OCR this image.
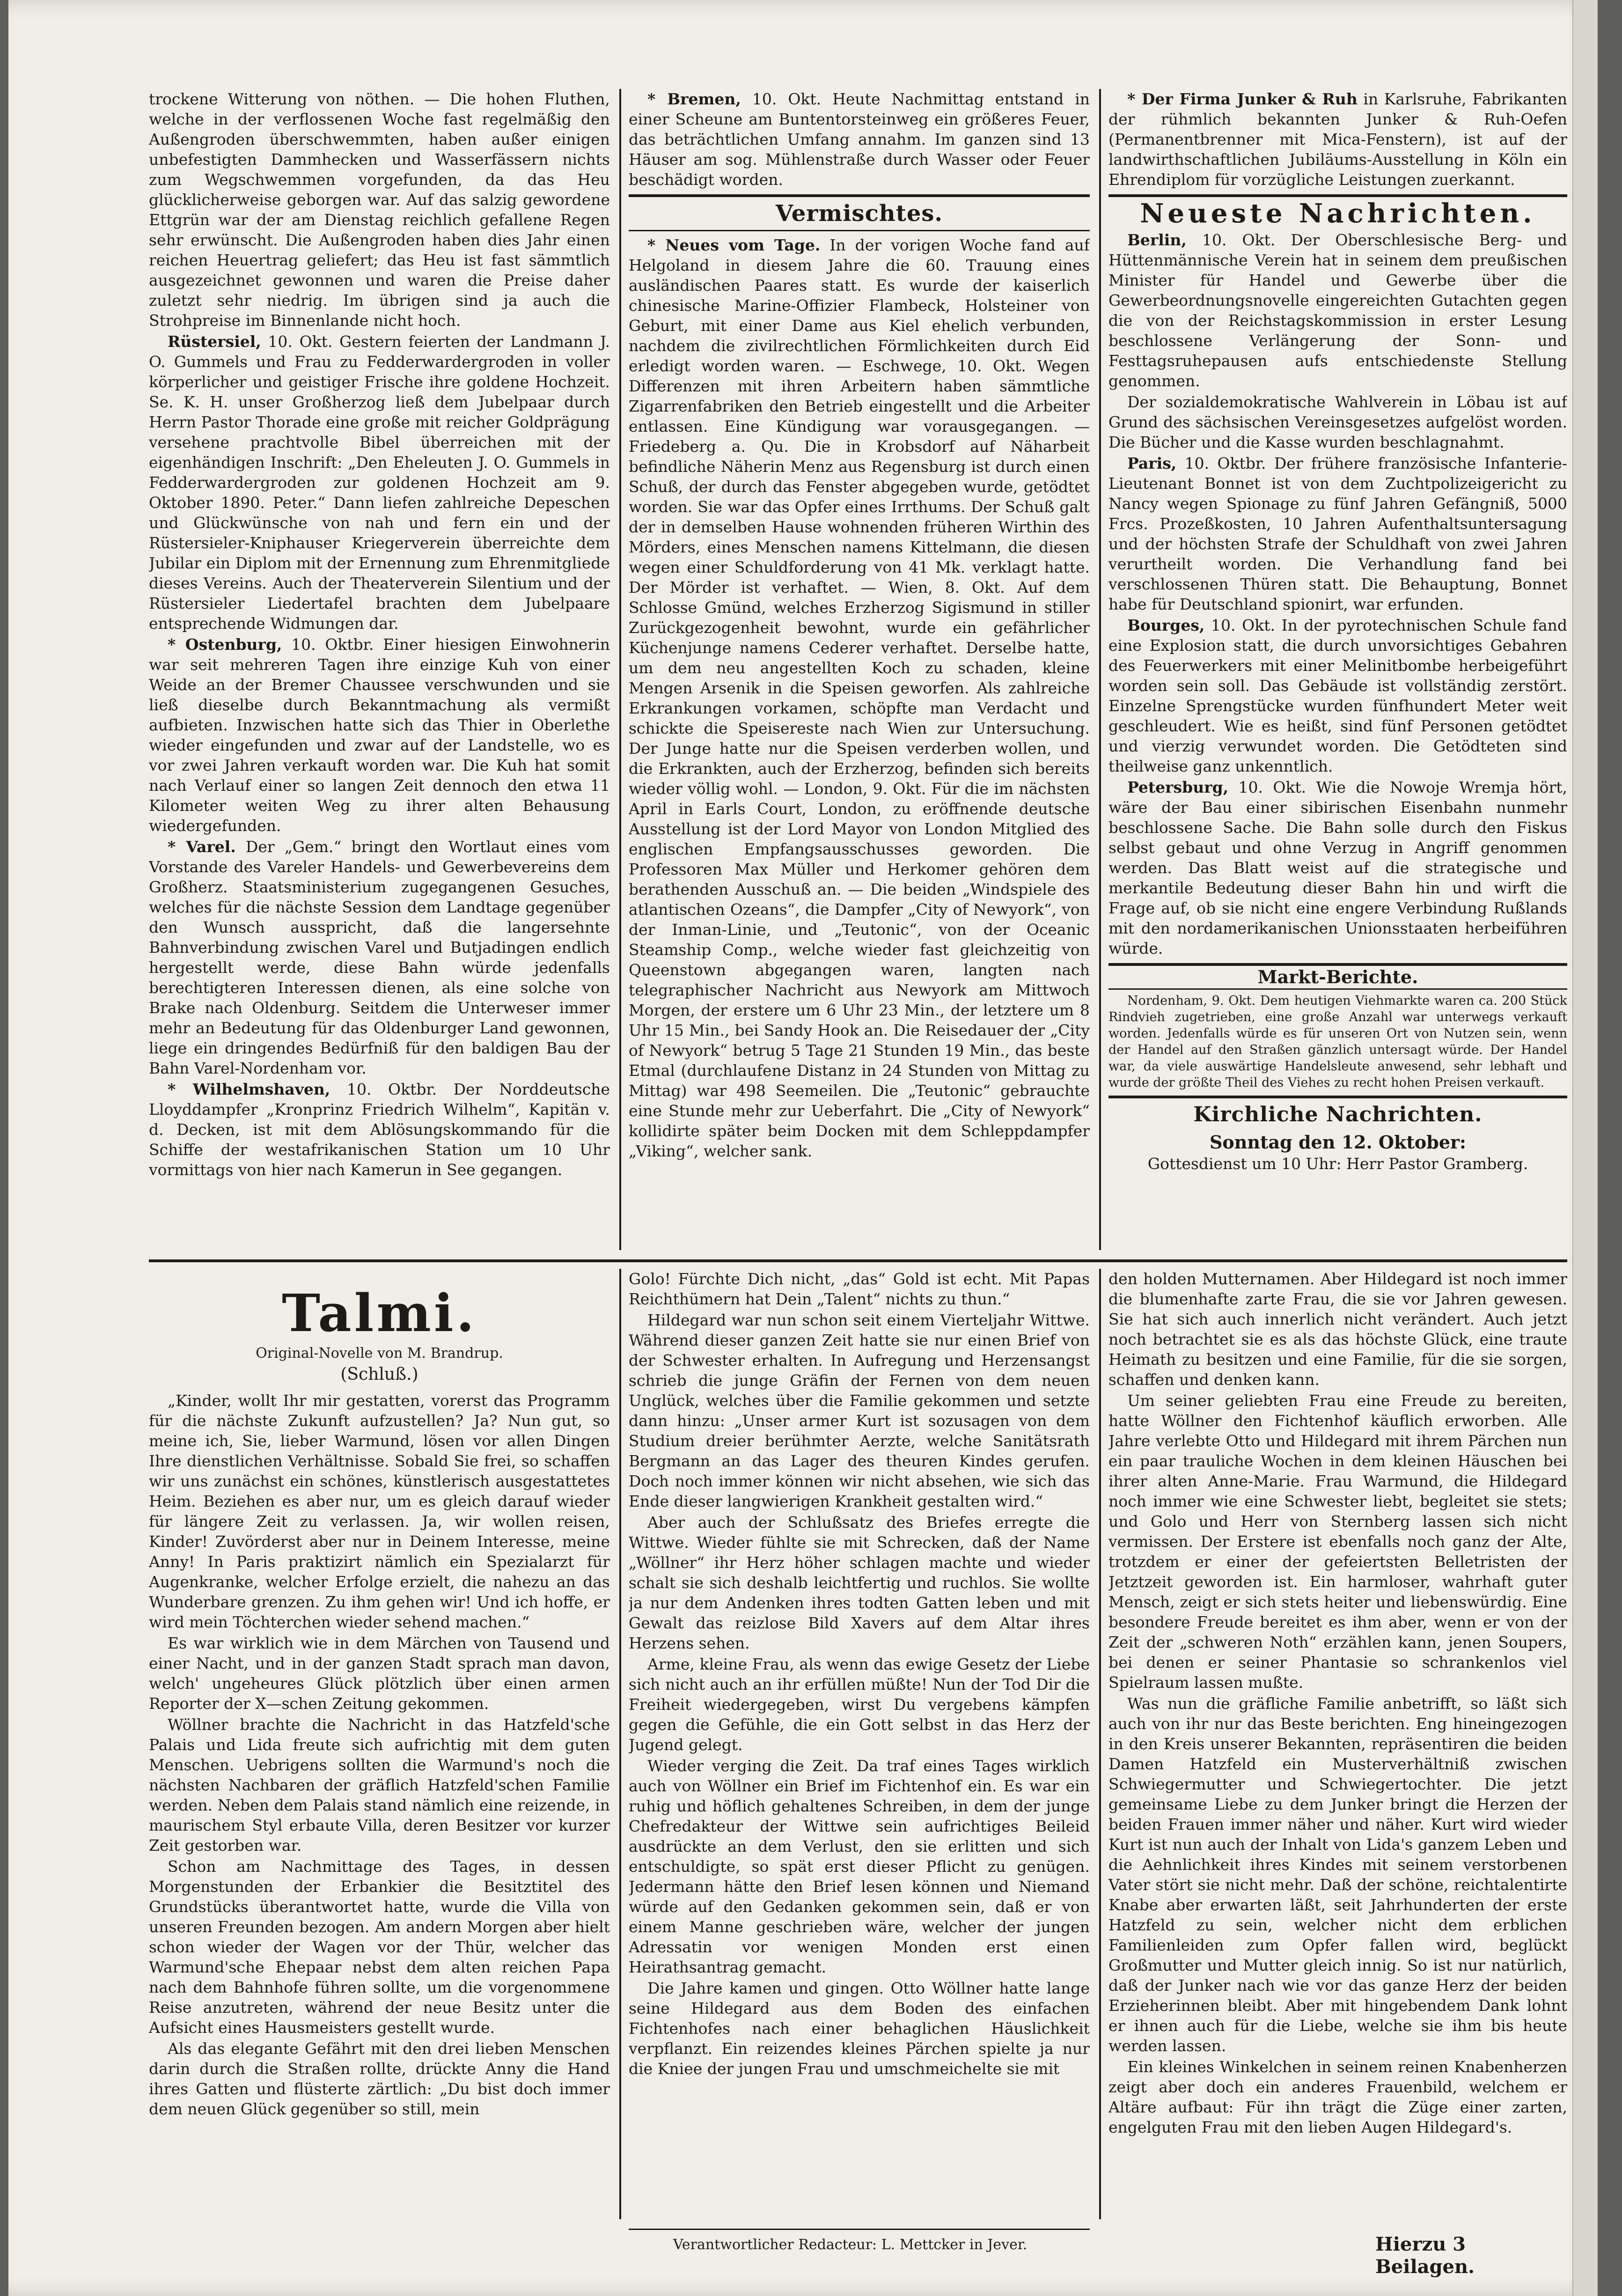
trockene Witterung von nöthen. — Die hohen Fluthen, welche in der verflossenen Woche fast regelmäßig den Außengroden überschwemmten, haben außer einigen unbefestigten Dammhecken und Wasserfässern nichts zum Wegschwemmen vorgefunden, da das Heu glücklicherweise geborgen war. Auf das salzig gewordene Ettgrün war der am Dienstag reichlich gefallene Regen sehr erwünscht. Die Außengroden haben dies Jahr einen reichen Heuertrag geliefert; das Heu ist fast sämmtlich ausgezeichnet gewonnen und waren die Preise daher zuletzt sehr niedrig. Im übrigen sind ja auch die Strohpreise im Binnenlande nicht hoch.

Rüstersiel, 10. Okt. Gestern feierten der Landmann J. O. Gummels und Frau zu Fedderwardergroden in voller körperlicher und geistiger Frische ihre goldene Hochzeit. Se. K. H. unser Großherzog ließ dem Jubelpaar durch Herrn Pastor Thorade eine große mit reicher Goldprägung versehene prachtvolle Bibel überreichen mit der eigenhändigen Inschrift: „Den Eheleuten J. O. Gummels in Fedderwardergroden zur goldenen Hochzeit am 9. Oktober 1890. Peter.“ Dann liefen zahlreiche Depeschen und Glückwünsche von nah und fern ein und der Rüstersieler-Kniphauser Kriegerverein überreichte dem Jubilar ein Diplom mit der Ernennung zum Ehrenmitgliede dieses Vereins. Auch der Theaterverein Silentium und der Rüstersieler Liedertafel brachten dem Jubelpaare entsprechende Widmungen dar.

* Ostenburg, 10. Oktbr. Einer hiesigen Einwohnerin war seit mehreren Tagen ihre einzige Kuh von einer Weide an der Bremer Chaussee verschwunden und sie ließ dieselbe durch Bekanntmachung als vermißt aufbieten. Inzwischen hatte sich das Thier in Oberlethe wieder eingefunden und zwar auf der Landstelle, wo es vor zwei Jahren verkauft worden war. Die Kuh hat somit nach Verlauf einer so langen Zeit dennoch den etwa 11 Kilometer weiten Weg zu ihrer alten Behausung wiedergefunden.

* Varel. Der „Gem.“ bringt den Wortlaut eines vom Vorstande des Vareler Handels- und Gewerbevereins dem Großherz. Staatsministerium zugegangenen Gesuches, welches für die nächste Session dem Landtage gegenüber den Wunsch ausspricht, daß die langersehnte Bahnverbindung zwischen Varel und Butjadingen endlich hergestellt werde, diese Bahn würde jedenfalls berechtigteren Interessen dienen, als eine solche von Brake nach Oldenburg. Seitdem die Unterweser immer mehr an Bedeutung für das Oldenburger Land gewonnen, liege ein dringendes Bedürfniß für den baldigen Bau der Bahn Varel-Nordenham vor.

* Wilhelmshaven, 10. Oktbr. Der Norddeutsche Lloyddampfer „Kronprinz Friedrich Wilhelm“, Kapitän v. d. Decken, ist mit dem Ablösungskommando für die Schiffe der westafrikanischen Station um 10 Uhr vormittags von hier nach Kamerun in See gegangen.

* Bremen, 10. Okt. Heute Nachmittag entstand in einer Scheune am Buntentorsteinweg ein größeres Feuer, das beträchtlichen Umfang annahm. Im ganzen sind 13 Häuser am sog. Mühlenstraße durch Wasser oder Feuer beschädigt worden.

Vermischtes.

* Neues vom Tage. In der vorigen Woche fand auf Helgoland in diesem Jahre die 60. Trauung eines ausländischen Paares statt. Es wurde der kaiserlich chinesische Marine-Offizier Flambeck, Holsteiner von Geburt, mit einer Dame aus Kiel ehelich verbunden, nachdem die zivilrechtlichen Förmlichkeiten durch Eid erledigt worden waren. — Eschwege, 10. Okt. Wegen Differenzen mit ihren Arbeitern haben sämmtliche Zigarrenfabriken den Betrieb eingestellt und die Arbeiter entlassen. Eine Kündigung war vorausgegangen. — Friedeberg a. Qu. Die in Krobsdorf auf Näharbeit befindliche Näherin Menz aus Regensburg ist durch einen Schuß, der durch das Fenster abgegeben wurde, getödtet worden. Sie war das Opfer eines Irrthums. Der Schuß galt der in demselben Hause wohnenden früheren Wirthin des Mörders, eines Menschen namens Kittelmann, die diesen wegen einer Schuldforderung von 41 Mk. verklagt hatte. Der Mörder ist verhaftet. — Wien, 8. Okt. Auf dem Schlosse Gmünd, welches Erzherzog Sigismund in stiller Zurückgezogenheit bewohnt, wurde ein gefährlicher Küchenjunge namens Cederer verhaftet. Derselbe hatte, um dem neu angestellten Koch zu schaden, kleine Mengen Arsenik in die Speisen geworfen. Als zahlreiche Erkrankungen vorkamen, schöpfte man Verdacht und schickte die Speisereste nach Wien zur Untersuchung. Der Junge hatte nur die Speisen verderben wollen, und die Erkrankten, auch der Erzherzog, befinden sich bereits wieder völlig wohl. — London, 9. Okt. Für die im nächsten April in Earls Court, London, zu eröffnende deutsche Ausstellung ist der Lord Mayor von London Mitglied des englischen Empfangsausschusses geworden. Die Professoren Max Müller und Herkomer gehören dem berathenden Ausschuß an. — Die beiden „Windspiele des atlantischen Ozeans“, die Dampfer „City of Newyork“, von der Inman-Linie, und „Teutonic“, von der Oceanic Steamship Comp., welche wieder fast gleichzeitig von Queenstown abgegangen waren, langten nach telegraphischer Nachricht aus Newyork am Mittwoch Morgen, der erstere um 6 Uhr 23 Min., der letztere um 8 Uhr 15 Min., bei Sandy Hook an. Die Reisedauer der „City of Newyork“ betrug 5 Tage 21 Stunden 19 Min., das beste Etmal (durchlaufene Distanz in 24 Stunden von Mittag zu Mittag) war 498 Seemeilen. Die „Teutonic“ gebrauchte eine Stunde mehr zur Ueberfahrt. Die „City of Newyork“ kollidirte später beim Docken mit dem Schleppdampfer „Viking“, welcher sank.

* Der Firma Junker & Ruh in Karlsruhe, Fabrikanten der rühmlich bekannten Junker & Ruh-Oefen (Permanentbrenner mit Mica-Fenstern), ist auf der landwirthschaftlichen Jubiläums-Ausstellung in Köln ein Ehrendiplom für vorzügliche Leistungen zuerkannt.

Neueste Nachrichten.

Berlin, 10. Okt. Der Oberschlesische Berg- und Hüttenmännische Verein hat in seinem dem preußischen Minister für Handel und Gewerbe über die Gewerbeordnungsnovelle eingereichten Gutachten gegen die von der Reichstagskommission in erster Lesung beschlossene Verlängerung der Sonn- und Festtagsruhepausen aufs entschiedenste Stellung genommen.

Der sozialdemokratische Wahlverein in Löbau ist auf Grund des sächsischen Vereinsgesetzes aufgelöst worden. Die Bücher und die Kasse wurden beschlagnahmt.

Paris, 10. Oktbr. Der frühere französische Infanterie-Lieutenant Bonnet ist von dem Zuchtpolizeigericht zu Nancy wegen Spionage zu fünf Jahren Gefängniß, 5000 Frcs. Prozeßkosten, 10 Jahren Aufenthaltsuntersagung und der höchsten Strafe der Schuldhaft von zwei Jahren verurtheilt worden. Die Verhandlung fand bei verschlossenen Thüren statt. Die Behauptung, Bonnet habe für Deutschland spionirt, war erfunden.

Bourges, 10. Okt. In der pyrotechnischen Schule fand eine Explosion statt, die durch unvorsichtiges Gebahren des Feuerwerkers mit einer Melinitbombe herbeigeführt worden sein soll. Das Gebäude ist vollständig zerstört. Einzelne Sprengstücke wurden fünfhundert Meter weit geschleudert. Wie es heißt, sind fünf Personen getödtet und vierzig verwundet worden. Die Getödteten sind theilweise ganz unkenntlich.

Petersburg, 10. Okt. Wie die Nowoje Wremja hört, wäre der Bau einer sibirischen Eisenbahn nunmehr beschlossene Sache. Die Bahn solle durch den Fiskus selbst gebaut und ohne Verzug in Angriff genommen werden. Das Blatt weist auf die strategische und merkantile Bedeutung dieser Bahn hin und wirft die Frage auf, ob sie nicht eine engere Verbindung Rußlands mit den nordamerikanischen Unionsstaaten herbeiführen würde.

Markt-Berichte.

Nordenham, 9. Okt. Dem heutigen Viehmarkte waren ca. 200 Stück Rindvieh zugetrieben, eine große Anzahl war unterwegs verkauft worden. Jedenfalls würde es für unseren Ort von Nutzen sein, wenn der Handel auf den Straßen gänzlich untersagt würde. Der Handel war, da viele auswärtige Handelsleute anwesend, sehr lebhaft und wurde der größte Theil des Viehes zu recht hohen Preisen verkauft.

Kirchliche Nachrichten.
Sonntag den 12. Oktober:

Gottesdienst um 10 Uhr: Herr Pastor Gramberg.

Talmi.
Original-Novelle von M. Brandrup.
(Schluß.)

„Kinder, wollt Ihr mir gestatten, vorerst das Programm für die nächste Zukunft aufzustellen? Ja? Nun gut, so meine ich, Sie, lieber Warmund, lösen vor allen Dingen Ihre dienstlichen Verhältnisse. Sobald Sie frei, so schaffen wir uns zunächst ein schönes, künstlerisch ausgestattetes Heim. Beziehen es aber nur, um es gleich darauf wieder für längere Zeit zu verlassen. Ja, wir wollen reisen, Kinder! Zuvörderst aber nur in Deinem Interesse, meine Anny! In Paris praktizirt nämlich ein Spezialarzt für Augenkranke, welcher Erfolge erzielt, die nahezu an das Wunderbare grenzen. Zu ihm gehen wir! Und ich hoffe, er wird mein Töchterchen wieder sehend machen.“

Es war wirklich wie in dem Märchen von Tausend und einer Nacht, und in der ganzen Stadt sprach man davon, welch' ungeheures Glück plötzlich über einen armen Reporter der X—schen Zeitung gekommen.

Wöllner brachte die Nachricht in das Hatzfeld'sche Palais und Lida freute sich aufrichtig mit dem guten Menschen. Uebrigens sollten die Warmund's noch die nächsten Nachbaren der gräflich Hatzfeld'schen Familie werden. Neben dem Palais stand nämlich eine reizende, in maurischem Styl erbaute Villa, deren Besitzer vor kurzer Zeit gestorben war.

Schon am Nachmittage des Tages, in dessen Morgenstunden der Erbankier die Besitztitel des Grundstücks überantwortet hatte, wurde die Villa von unseren Freunden bezogen. Am andern Morgen aber hielt schon wieder der Wagen vor der Thür, welcher das Warmund'sche Ehepaar nebst dem alten reichen Papa nach dem Bahnhofe führen sollte, um die vorgenommene Reise anzutreten, während der neue Besitz unter die Aufsicht eines Hausmeisters gestellt wurde.

Als das elegante Gefährt mit den drei lieben Menschen darin durch die Straßen rollte, drückte Anny die Hand ihres Gatten und flüsterte zärtlich: „Du bist doch immer dem neuen Glück gegenüber so still, mein

Golo! Fürchte Dich nicht, „das“ Gold ist echt. Mit Papas Reichthümern hat Dein „Talent“ nichts zu thun.“

Hildegard war nun schon seit einem Vierteljahr Wittwe. Während dieser ganzen Zeit hatte sie nur einen Brief von der Schwester erhalten. In Aufregung und Herzensangst schrieb die junge Gräfin der Fernen von dem neuen Unglück, welches über die Familie gekommen und setzte dann hinzu: „Unser armer Kurt ist sozusagen von dem Studium dreier berühmter Aerzte, welche Sanitätsrath Bergmann an das Lager des theuren Kindes gerufen. Doch noch immer können wir nicht absehen, wie sich das Ende dieser langwierigen Krankheit gestalten wird.“

Aber auch der Schlußsatz des Briefes erregte die Wittwe. Wieder fühlte sie mit Schrecken, daß der Name „Wöllner“ ihr Herz höher schlagen machte und wieder schalt sie sich deshalb leichtfertig und ruchlos. Sie wollte ja nur dem Andenken ihres todten Gatten leben und mit Gewalt das reizlose Bild Xavers auf dem Altar ihres Herzens sehen.

Arme, kleine Frau, als wenn das ewige Gesetz der Liebe sich nicht auch an ihr erfüllen müßte! Nun der Tod Dir die Freiheit wiedergegeben, wirst Du vergebens kämpfen gegen die Gefühle, die ein Gott selbst in das Herz der Jugend gelegt.

Wieder verging die Zeit. Da traf eines Tages wirklich auch von Wöllner ein Brief im Fichtenhof ein. Es war ein ruhig und höflich gehaltenes Schreiben, in dem der junge Chefredakteur der Wittwe sein aufrichtiges Beileid ausdrückte an dem Verlust, den sie erlitten und sich entschuldigte, so spät erst dieser Pflicht zu genügen. Jedermann hätte den Brief lesen können und Niemand würde auf den Gedanken gekommen sein, daß er von einem Manne geschrieben wäre, welcher der jungen Adressatin vor wenigen Monden erst einen Heirathsantrag gemacht.

Die Jahre kamen und gingen. Otto Wöllner hatte lange seine Hildegard aus dem Boden des einfachen Fichtenhofes nach einer behaglichen Häuslichkeit verpflanzt. Ein reizendes kleines Pärchen spielte ja nur die Kniee der jungen Frau und umschmeichelte sie mit

den holden Mutternamen. Aber Hildegard ist noch immer die blumenhafte zarte Frau, die sie vor Jahren gewesen. Sie hat sich auch innerlich nicht verändert. Auch jetzt noch betrachtet sie es als das höchste Glück, eine traute Heimath zu besitzen und eine Familie, für die sie sorgen, schaffen und denken kann.

Um seiner geliebten Frau eine Freude zu bereiten, hatte Wöllner den Fichtenhof käuflich erworben. Alle Jahre verlebte Otto und Hildegard mit ihrem Pärchen nun ein paar trauliche Wochen in dem kleinen Häuschen bei ihrer alten Anne-Marie. Frau Warmund, die Hildegard noch immer wie eine Schwester liebt, begleitet sie stets; und Golo und Herr von Sternberg lassen sich nicht vermissen. Der Erstere ist ebenfalls noch ganz der Alte, trotzdem er einer der gefeiertsten Belletristen der Jetztzeit geworden ist. Ein harmloser, wahrhaft guter Mensch, zeigt er sich stets heiter und liebenswürdig. Eine besondere Freude bereitet es ihm aber, wenn er von der Zeit der „schweren Noth“ erzählen kann, jenen Soupers, bei denen er seiner Phantasie so schrankenlos viel Spielraum lassen mußte.

Was nun die gräfliche Familie anbetrifft, so läßt sich auch von ihr nur das Beste berichten. Eng hineingezogen in den Kreis unserer Bekannten, repräsentiren die beiden Damen Hatzfeld ein Musterverhältniß zwischen Schwiegermutter und Schwiegertochter. Die jetzt gemeinsame Liebe zu dem Junker bringt die Herzen der beiden Frauen immer näher und näher. Kurt wird wieder Kurt ist nun auch der Inhalt von Lida's ganzem Leben und die Aehnlichkeit ihres Kindes mit seinem verstorbenen Vater stört sie nicht mehr. Daß der schöne, reichtalentirte Knabe aber erwarten läßt, seit Jahrhunderten der erste Hatzfeld zu sein, welcher nicht dem erblichen Familienleiden zum Opfer fallen wird, beglückt Großmutter und Mutter gleich innig. So ist nur natürlich, daß der Junker nach wie vor das ganze Herz der beiden Erzieherinnen bleibt. Aber mit hingebendem Dank lohnt er ihnen auch für die Liebe, welche sie ihm bis heute werden lassen.

Ein kleines Winkelchen in seinem reinen Knabenherzen zeigt aber doch ein anderes Frauenbild, welchem er Altäre aufbaut: Für ihn trägt die Züge einer zarten, engelguten Frau mit den lieben Augen Hildegard's.

Verantwortlicher Redacteur: L. Mettcker in Jever.	Hierzu 3 Beilagen.
